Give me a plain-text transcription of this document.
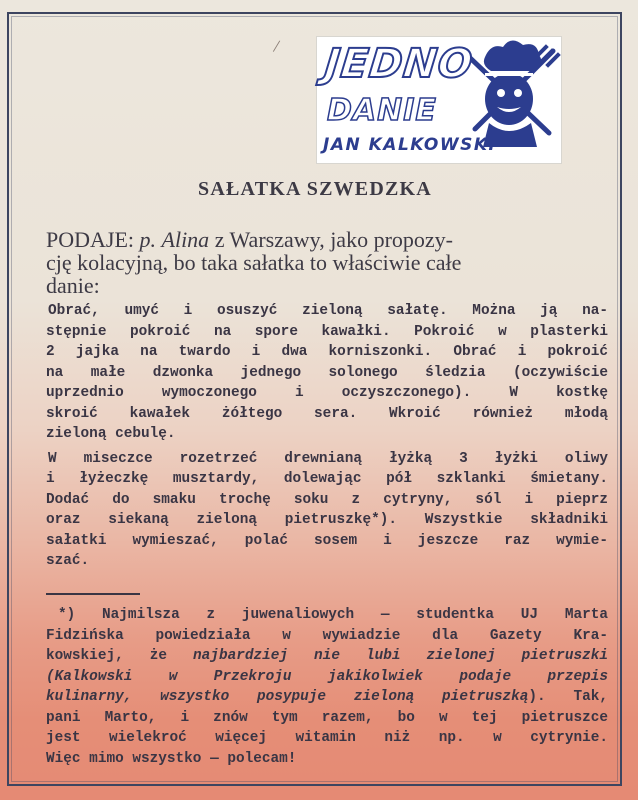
/ JEDNO
DANIE
JAN KALKOWSKI
SAŁATKA SZWEDZKA
PODAJE: p. Alina z Warszawy, jako propozy-
cję kolacyjną, bo taka sałatka to właściwie całe
danie:
Obrać, umyć i osuszyć zieloną sałatę. Można ją na-
stępnie pokroić na spore kawałki. Pokroić w plasterki
2 jajka na twardo i dwa korniszonki. Obrać i pokroić
na małe dzwonka jednego solonego śledzia (oczywiście
uprzednio wymoczonego i oczyszczonego). W kostkę
skroić kawałek żółtego sera. Wkroić również młodą
zieloną cebulę.
W miseczce rozetrzeć drewnianą łyżką 3 łyżki oliwy
i łyżeczkę musztardy, dolewając pół szklanki śmietany.
Dodać do smaku trochę soku z cytryny, sól i pieprz
oraz siekaną zieloną pietruszkę*). Wszystkie składniki
sałatki wymieszać, polać sosem i jeszcze raz wymie-
szać.
*) Najmilsza z juwenaliowych — studentka UJ Marta
Fidzińska powiedziała w wywiadzie dla Gazety Kra-
kowskiej, że najbardziej nie lubi zielonej pietruszki
(Kalkowski w Przekroju jakikolwiek podaje przepis
kulinarny, wszystko posypuje zieloną pietruszką). Tak,
pani Marto, i znów tym razem, bo w tej pietruszce
jest wielekroć więcej witamin niż np. w cytrynie.
Więc mimo wszystko — polecam!
